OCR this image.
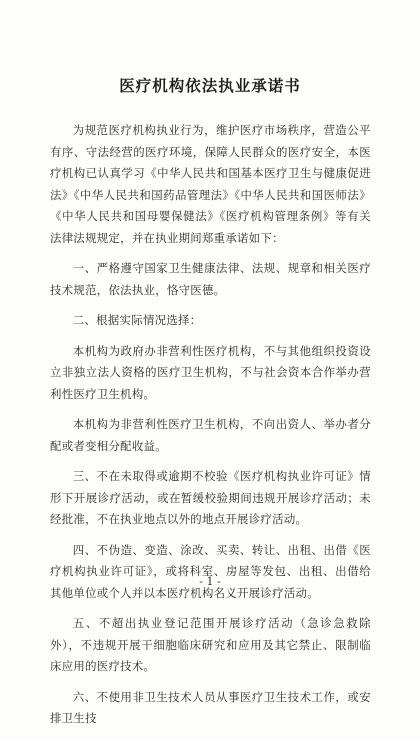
医疗机构依法执业承诺书

为规范医疗机构执业行为，维护医疗市场秩序，营造公平有序、守法经营的医疗环境，保障人民群众的医疗安全，本医疗机构已认真学习《中华人民共和国基本医疗卫生与健康促进法》《中华人民共和国药品管理法》《中华人民共和国医师法》《中华人民共和国母婴保健法》《医疗机构管理条例》等有关法律法规规定，并在执业期间郑重承诺如下：

一、严格遵守国家卫生健康法律、法规、规章和相关医疗技术规范，依法执业，恪守医德。

二、根据实际情况选择：

本机构为政府办非营利性医疗机构，不与其他组织投资设立非独立法人资格的医疗卫生机构，不与社会资本合作举办营利性医疗卫生机构。

本机构为非营利性医疗卫生机构，不向出资人、举办者分配或者变相分配收益。

三、不在未取得或逾期不校验《医疗机构执业许可证》情形下开展诊疗活动，或在暂缓校验期间违规开展诊疗活动；未经批准，不在执业地点以外的地点开展诊疗活动。

四、不伪造、变造、涂改、买卖、转让、出租、出借《医疗机构执业许可证》，或将科室、房屋等发包、出租、出借给其他单位或个人并以本医疗机构名义开展诊疗活动。

五、不超出执业登记范围开展诊疗活动（急诊急救除外），不违规开展干细胞临床研究和应用及其它禁止、限制临床应用的医疗技术。

六、不使用非卫生技术人员从事医疗卫生技术工作，或安排卫生技

- 1 -
